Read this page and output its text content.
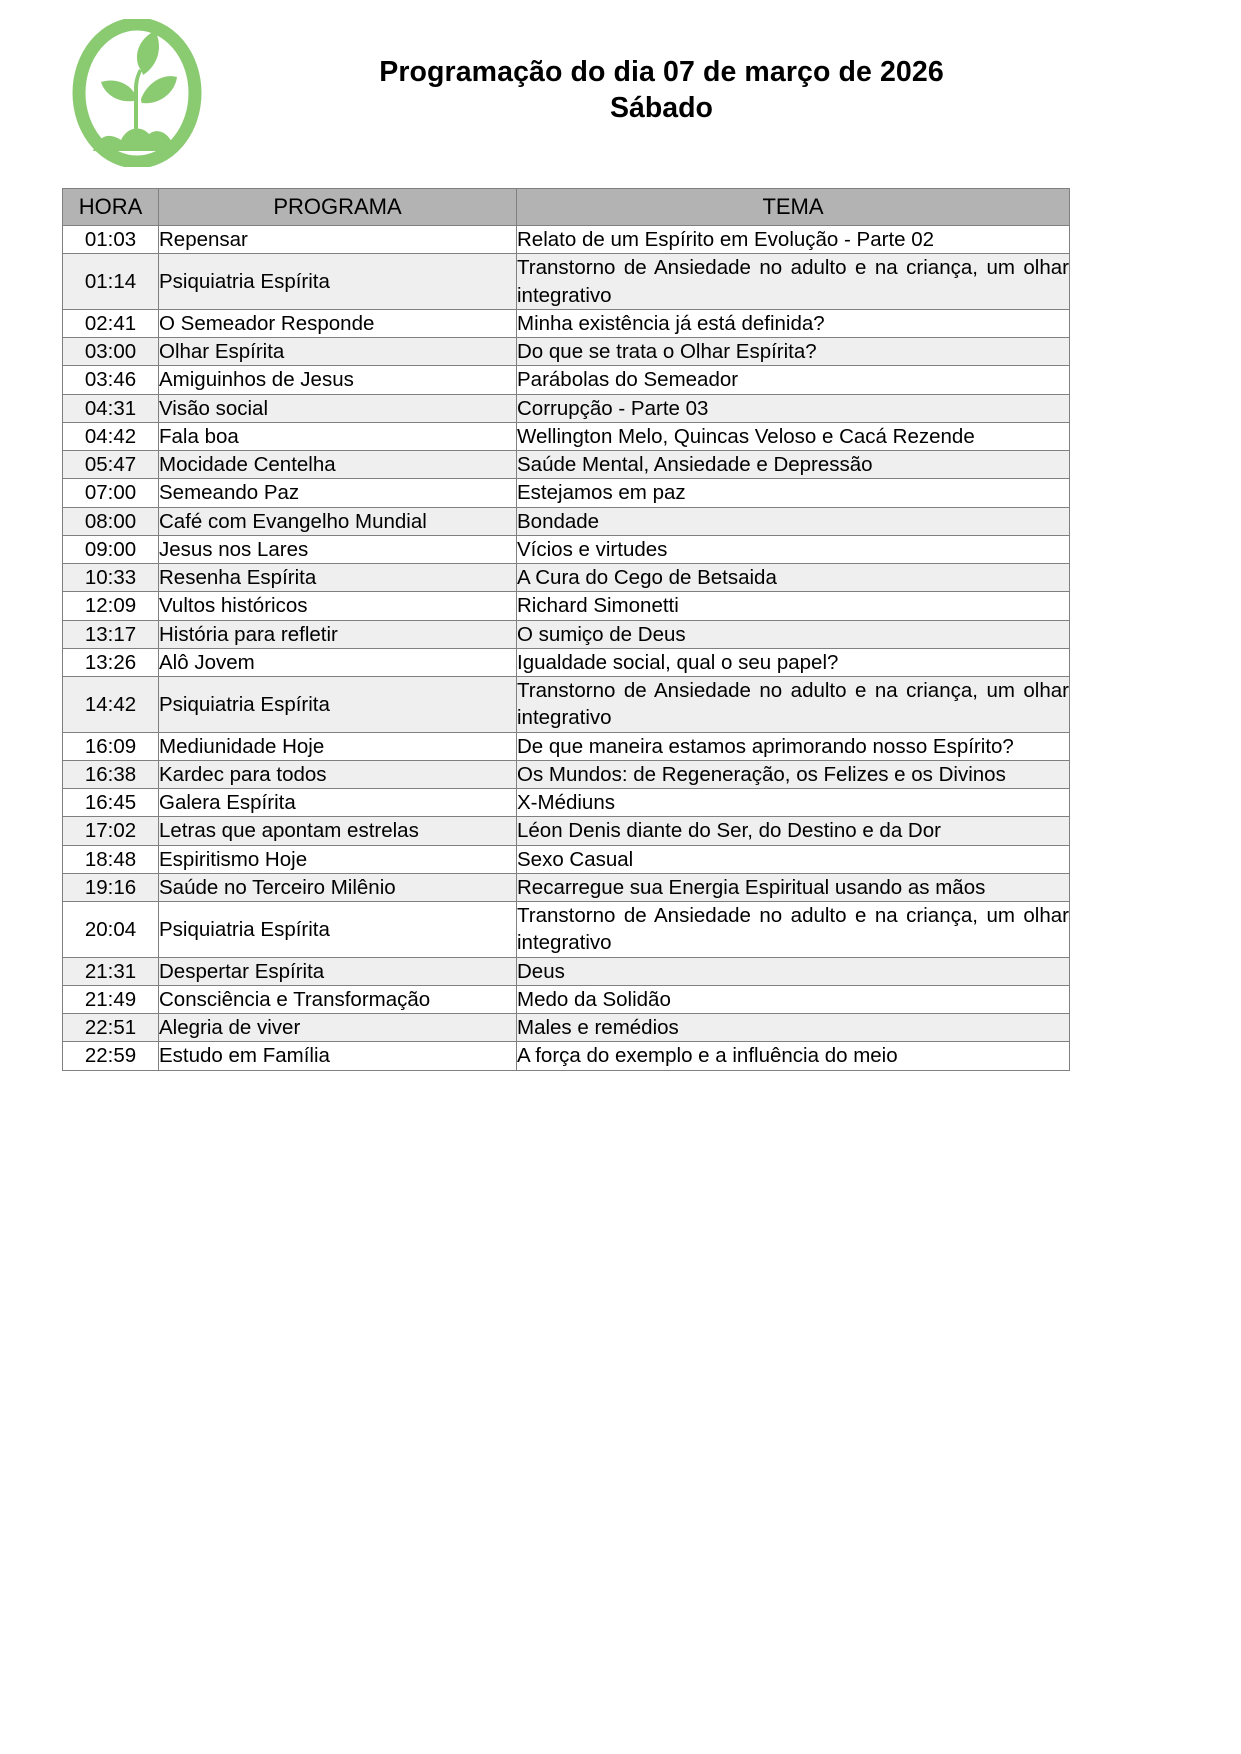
Programação do dia 07 de março de 2026
Sábado
HORA	PROGRAMA	TEMA
01:03	Repensar	Relato de um Espírito em Evolução - Parte 02
01:14	Psiquiatria Espírita	Transtorno de Ansiedade no adulto e na criança, um olhar integrativo
02:41	O Semeador Responde	Minha existência já está definida?
03:00	Olhar Espírita	Do que se trata o Olhar Espírita?
03:46	Amiguinhos de Jesus	Parábolas do Semeador
04:31	Visão social	Corrupção - Parte 03
04:42	Fala boa	Wellington Melo, Quincas Veloso e Cacá Rezende
05:47	Mocidade Centelha	Saúde Mental, Ansiedade e Depressão
07:00	Semeando Paz	Estejamos em paz
08:00	Café com Evangelho Mundial	Bondade
09:00	Jesus nos Lares	Vícios e virtudes
10:33	Resenha Espírita	A Cura do Cego de Betsaida
12:09	Vultos históricos	Richard Simonetti
13:17	História para refletir	O sumiço de Deus
13:26	Alô Jovem	Igualdade social, qual o seu papel?
14:42	Psiquiatria Espírita	Transtorno de Ansiedade no adulto e na criança, um olhar integrativo
16:09	Mediunidade Hoje	De que maneira estamos aprimorando nosso Espírito?
16:38	Kardec para todos	Os Mundos: de Regeneração, os Felizes e os Divinos
16:45	Galera Espírita	X-Médiuns
17:02	Letras que apontam estrelas	Léon Denis diante do Ser, do Destino e da Dor
18:48	Espiritismo Hoje	Sexo Casual
19:16	Saúde no Terceiro Milênio	Recarregue sua Energia Espiritual usando as mãos
20:04	Psiquiatria Espírita	Transtorno de Ansiedade no adulto e na criança, um olhar integrativo
21:31	Despertar Espírita	Deus
21:49	Consciência e Transformação	Medo da Solidão
22:51	Alegria de viver	Males e remédios
22:59	Estudo em Família	A força do exemplo e a influência do meio
